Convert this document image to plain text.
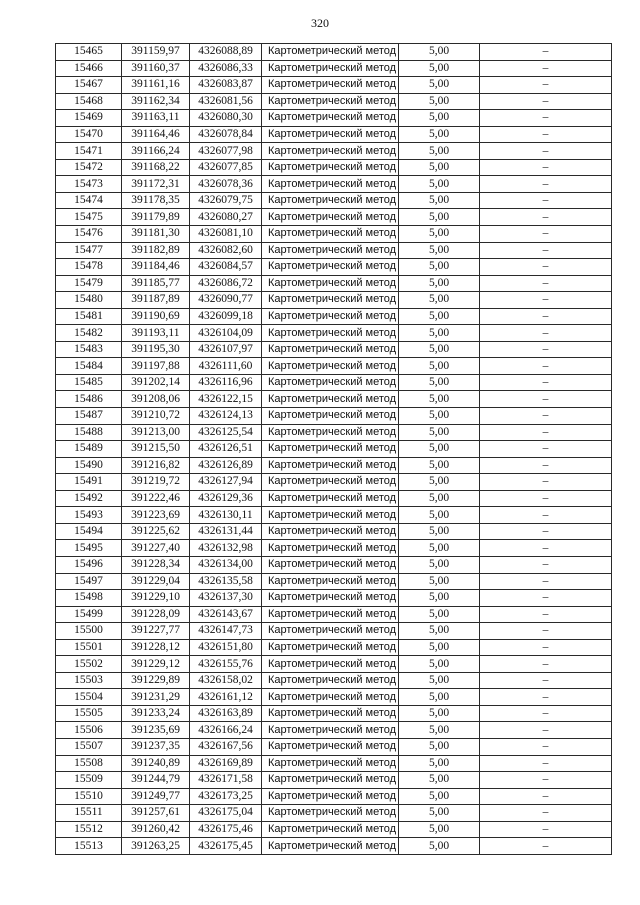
320
15465	391159,97	4326088,89	Картометрический метод	5,00	–
15466	391160,37	4326086,33	Картометрический метод	5,00	–
15467	391161,16	4326083,87	Картометрический метод	5,00	–
15468	391162,34	4326081,56	Картометрический метод	5,00	–
15469	391163,11	4326080,30	Картометрический метод	5,00	–
15470	391164,46	4326078,84	Картометрический метод	5,00	–
15471	391166,24	4326077,98	Картометрический метод	5,00	–
15472	391168,22	4326077,85	Картометрический метод	5,00	–
15473	391172,31	4326078,36	Картометрический метод	5,00	–
15474	391178,35	4326079,75	Картометрический метод	5,00	–
15475	391179,89	4326080,27	Картометрический метод	5,00	–
15476	391181,30	4326081,10	Картометрический метод	5,00	–
15477	391182,89	4326082,60	Картометрический метод	5,00	–
15478	391184,46	4326084,57	Картометрический метод	5,00	–
15479	391185,77	4326086,72	Картометрический метод	5,00	–
15480	391187,89	4326090,77	Картометрический метод	5,00	–
15481	391190,69	4326099,18	Картометрический метод	5,00	–
15482	391193,11	4326104,09	Картометрический метод	5,00	–
15483	391195,30	4326107,97	Картометрический метод	5,00	–
15484	391197,88	4326111,60	Картометрический метод	5,00	–
15485	391202,14	4326116,96	Картометрический метод	5,00	–
15486	391208,06	4326122,15	Картометрический метод	5,00	–
15487	391210,72	4326124,13	Картометрический метод	5,00	–
15488	391213,00	4326125,54	Картометрический метод	5,00	–
15489	391215,50	4326126,51	Картометрический метод	5,00	–
15490	391216,82	4326126,89	Картометрический метод	5,00	–
15491	391219,72	4326127,94	Картометрический метод	5,00	–
15492	391222,46	4326129,36	Картометрический метод	5,00	–
15493	391223,69	4326130,11	Картометрический метод	5,00	–
15494	391225,62	4326131,44	Картометрический метод	5,00	–
15495	391227,40	4326132,98	Картометрический метод	5,00	–
15496	391228,34	4326134,00	Картометрический метод	5,00	–
15497	391229,04	4326135,58	Картометрический метод	5,00	–
15498	391229,10	4326137,30	Картометрический метод	5,00	–
15499	391228,09	4326143,67	Картометрический метод	5,00	–
15500	391227,77	4326147,73	Картометрический метод	5,00	–
15501	391228,12	4326151,80	Картометрический метод	5,00	–
15502	391229,12	4326155,76	Картометрический метод	5,00	–
15503	391229,89	4326158,02	Картометрический метод	5,00	–
15504	391231,29	4326161,12	Картометрический метод	5,00	–
15505	391233,24	4326163,89	Картометрический метод	5,00	–
15506	391235,69	4326166,24	Картометрический метод	5,00	–
15507	391237,35	4326167,56	Картометрический метод	5,00	–
15508	391240,89	4326169,89	Картометрический метод	5,00	–
15509	391244,79	4326171,58	Картометрический метод	5,00	–
15510	391249,77	4326173,25	Картометрический метод	5,00	–
15511	391257,61	4326175,04	Картометрический метод	5,00	–
15512	391260,42	4326175,46	Картометрический метод	5,00	–
15513	391263,25	4326175,45	Картометрический метод	5,00	–
